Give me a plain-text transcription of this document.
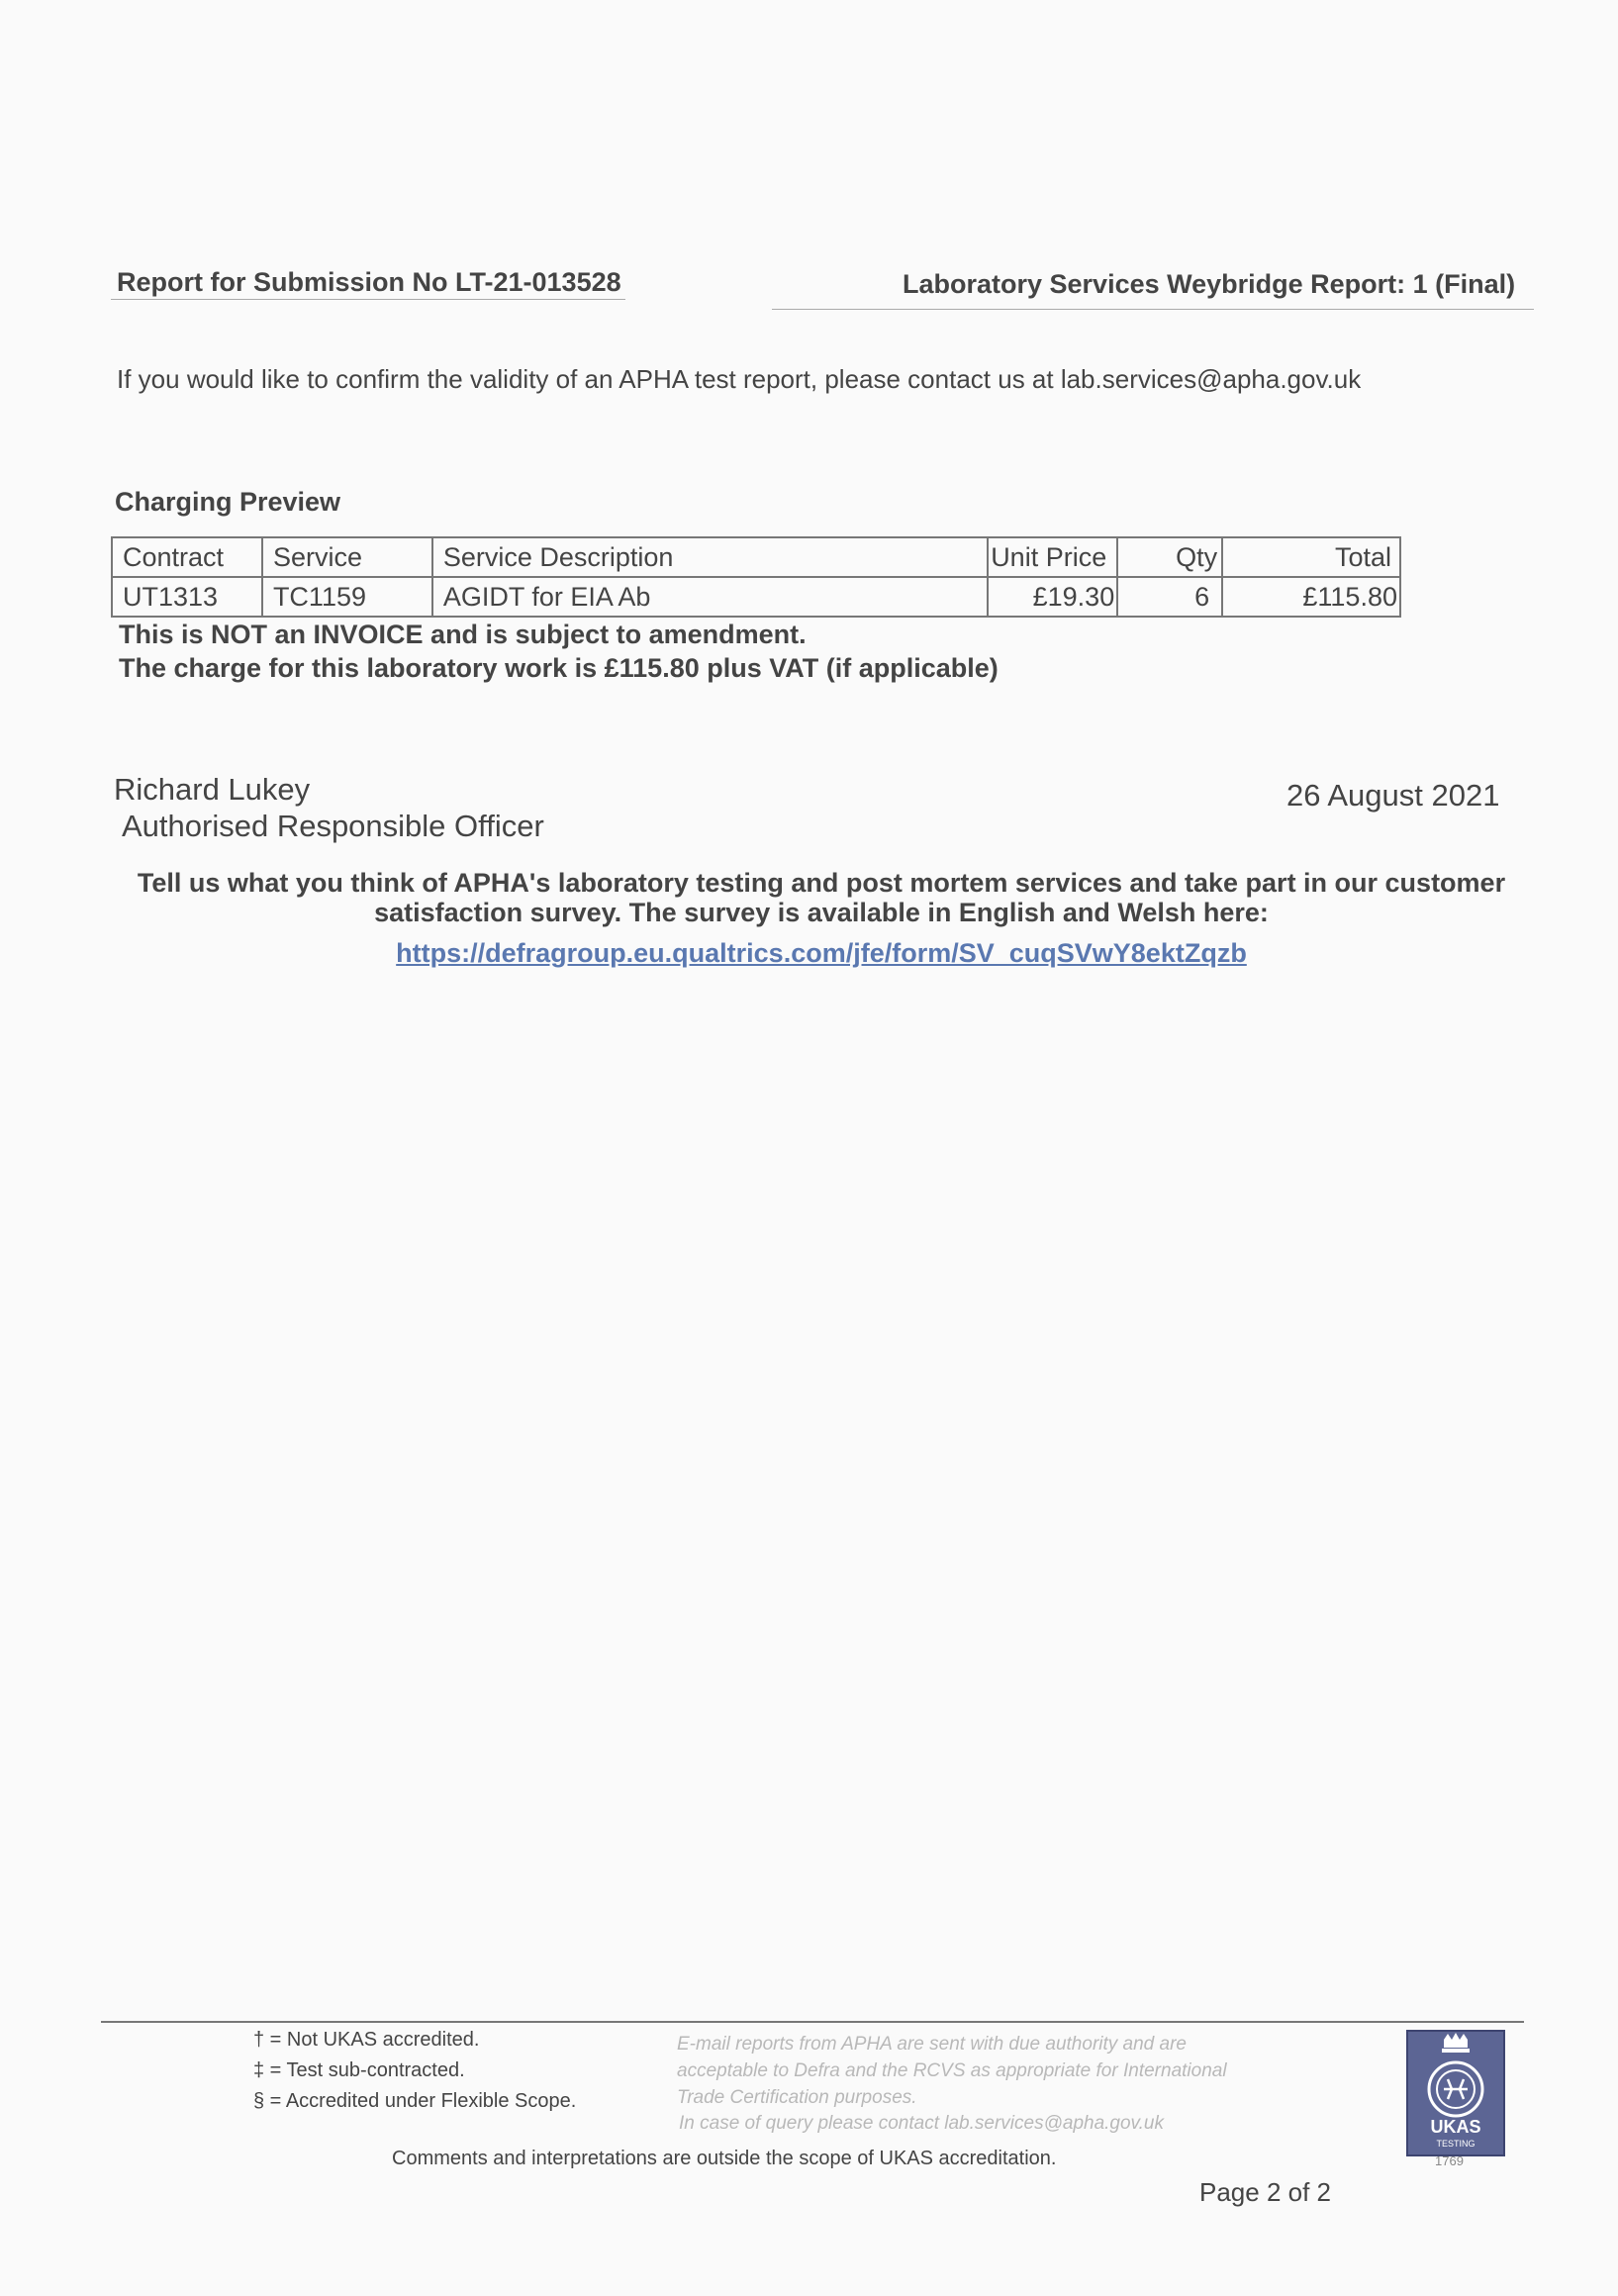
Report for Submission No LT-21-013528	Laboratory Services Weybridge Report: 1 (Final)
If you would like to confirm the validity of an APHA test report, please contact us at lab.services@apha.gov.uk
Charging Preview
Contract	Service	Service Description	Unit Price	Qty	Total
UT1313	TC1159	AGIDT for EIA Ab	£19.30	6	£115.80
This is NOT an INVOICE and is subject to amendment.
The charge for this laboratory work is £115.80 plus VAT (if applicable)
Richard Lukey
Authorised Responsible Officer
26 August 2021
Tell us what you think of APHA's laboratory testing and post mortem services and take part in our customer
satisfaction survey. The survey is available in English and Welsh here:
https://defragroup.eu.qualtrics.com/jfe/form/SV_cuqSVwY8ektZqzb
† = Not UKAS accredited.
‡ = Test sub-contracted.
§ = Accredited under Flexible Scope.
E-mail reports from APHA are sent with due authority and are
acceptable to Defra and the RCVS as appropriate for International
Trade Certification purposes.
In case of query please contact lab.services@apha.gov.uk
Comments and interpretations are outside the scope of UKAS accreditation.
UKAS
TESTING
1769
Page 2 of 2
